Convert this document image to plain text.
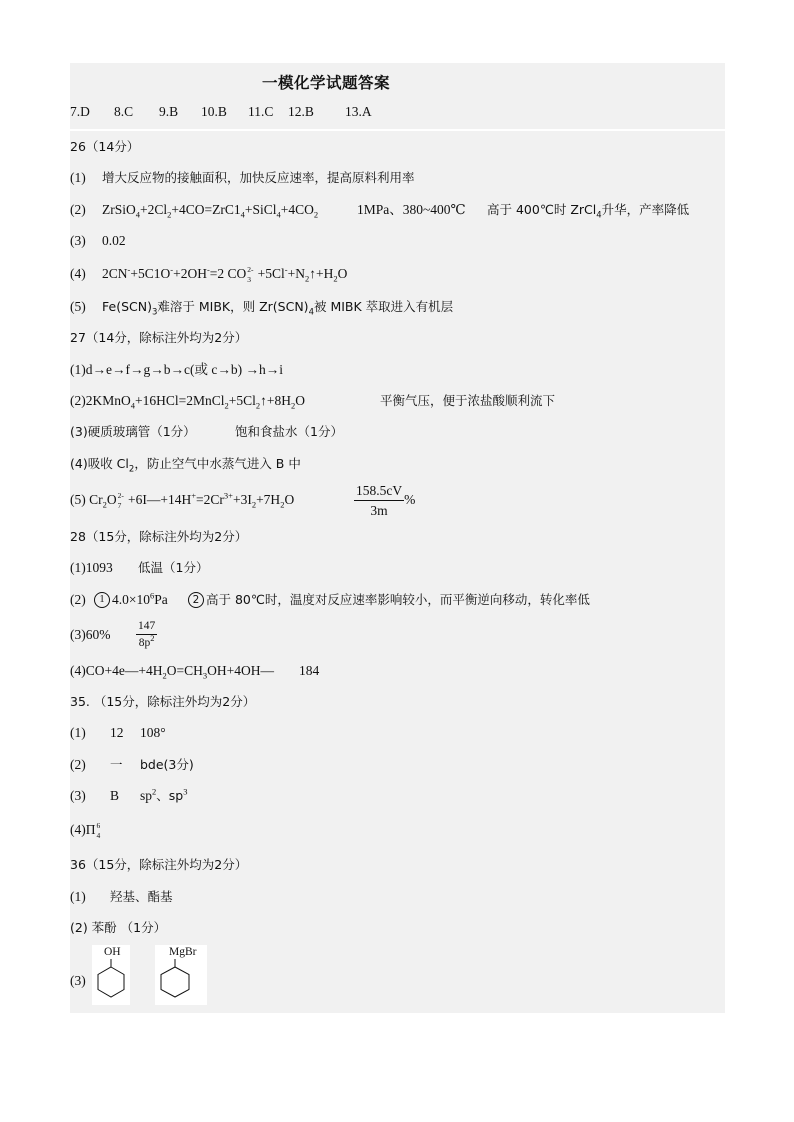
一模化学试题答案
7.D 8.C 9.B 10.B 11.C 12.B 13.A
26（14分）
(1) 增大反应物的接触面积，加快反应速率，提高原料利用率
(2) $ZrSiO_4+2Cl_2+4CO=ZrC1_4+SiCl_4+4CO_2$	1MPa、380~400℃ 高于 400℃时 ZrCl$_4$升华，产率降低
(3) 0.02
(4) 2CN-+5C1O-+2OH-=2 CO 2-
$3 +5Cl^-+N_2↑+H_2O$
(5) $Fe(SCN)_3$难溶于 MIBK，则 $Zr(SCN)_4$被 MIBK 萃取进入有机层
27（14分，除标注外均为2分）
(1)d→e→f→g→b→c(或 c→b) →h→i
$(2)2KMnO_4+16HCl=2MnCl_2+5Cl_2↑+8H_2O$	平衡气压，便于浓盐酸顺利流下
(3)硬质玻璃管（1分）	饱和食盐水（1分）
(4)吸收 $Cl_2$，防止空气中水蒸气进入 B 中
(5) $Cr_2O$ 2-
$7 +6I—+14H^+=2Cr^{3+}+3I_2+7H_2O$	$\frac{158.5cV}{3m}$ %
28（15分，除标注外均为2分）
(1)1093 低温（1分）
(2)	1 $4.0\times 10^6Pa$	2 高于 80℃时，温度对反应速率影响较小，而平衡逆向移动，转化率低
$(3)60\% \frac{147}{8p^2}$
$(4)CO+4e—+4H_2O=CH_3OH+4OH—$ 184
35. （15分，除标注外均为2分）
(1) 12 108°
(2) 一 bde(3分)
(3) B $sp^2$、$sp^3$
(4)Π 6
4
36（15分，除标注外均为2分）
(1) 羟基、酯基
(2) 苯酚 （1分）
(3)
OH	MgBr
